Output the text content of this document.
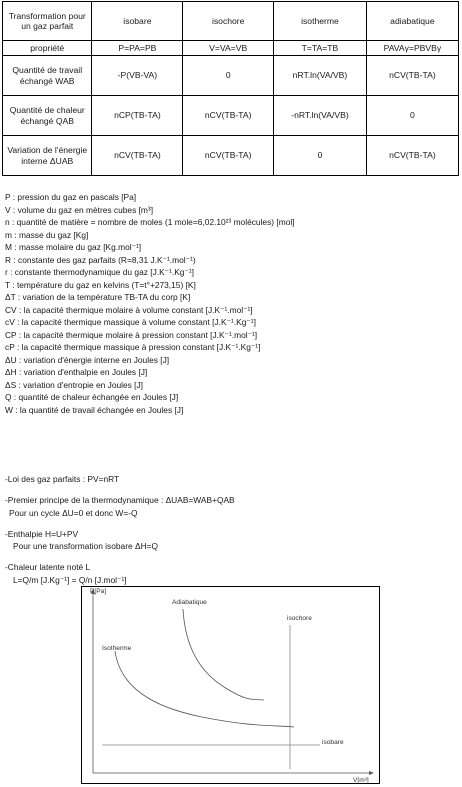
Transformation pour un gaz parfait	isobare	isochore	isotherme	adiabatique
propriété	P=PA=PB	V=VA=VB	T=TA=TB	PAVAγ=PBVBγ
Quantité de travail échangé WAB	-P(VB-VA)	0	nRT.ln(VA/VB)	nCV(TB-TA)
Quantité de chaleur échangé QAB	nCP(TB-TA)	nCV(TB-TA)	-nRT.ln(VA/VB)	0
Variation de l'énergie interne ΔUAB	nCV(TB-TA)	nCV(TB-TA)	0	nCV(TB-TA)
P : pression du gaz en pascals [Pa]
V : volume du gaz en mètres cubes [m³]
n : quantité de matière = nombre de moles (1 mole=6,02.10²³ molécules) [mol]
m : masse du gaz [Kg]
M : masse molaire du gaz [Kg.mol⁻¹]
R : constante des gaz parfaits (R=8,31 J.K⁻¹.mol⁻¹)
r : constante thermodynamique du gaz [J.K⁻¹.Kg⁻¹]
T : température du gaz en kelvins (T=t°+273,15) [K]
ΔT : variation de la température TB-TA du corp [K]
CV : la capacité thermique molaire à volume constant [J.K⁻¹.mol⁻¹]
cV : la capacité thermique massique à volume constant [J.K⁻¹.Kg⁻¹]
CP : la capacité thermique molaire à pression constant [J.K⁻¹.mol⁻¹]
cP : la capacité thermique massique à pression constant [J.K⁻¹.Kg⁻¹]
ΔU : variation d'énergie interne en Joules [J]
ΔH : variation d'enthalpie en Joules [J]
ΔS : variation d'entropie en Joules [J]
Q : quantité de chaleur échangée en Joules [J]
W : la quantité de travail échangée en Joules [J]

-Loi des gaz parfaits : PV=nRT

-Premier principe de la thermodynamique : ΔUAB=WAB+QAB

Pour un cycle ΔU=0 et donc W=-Q

-Enthalpie H=U+PV

Pour une transformation isobare ΔH=Q

-Chaleur latente noté L

L=Q/m [J.Kg⁻¹] = Q/n [J.mol⁻¹]

P[Pa]
V[m³]
Adiabatique
Isotherme
isochore
isobare
